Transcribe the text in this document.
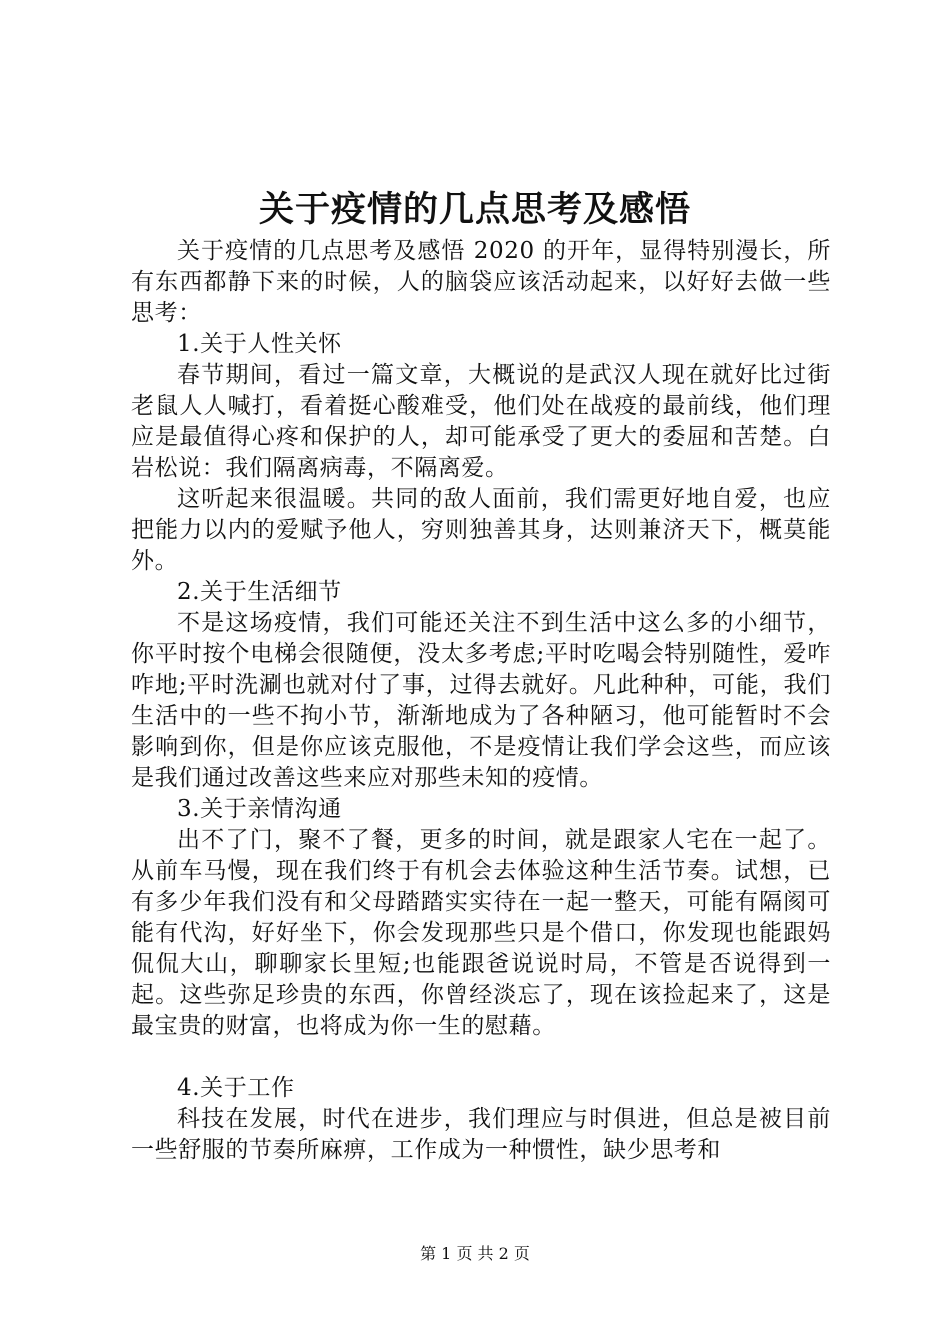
关于疫情的几点思考及感悟

关于疫情的几点思考及感悟 2020 的开年，显得特别漫长，所有东西都静下来的时候，人的脑袋应该活动起来，以好好去做一些思考：

1.关于人性关怀

春节期间，看过一篇文章，大概说的是武汉人现在就好比过街老鼠人人喊打，看着挺心酸难受，他们处在战疫的最前线，他们理应是最值得心疼和保护的人，却可能承受了更大的委屈和苦楚。白岩松说：我们隔离病毒，不隔离爱。

这听起来很温暖。共同的敌人面前，我们需更好地自爱，也应把能力以内的爱赋予他人，穷则独善其身，达则兼济天下，概莫能外。

2.关于生活细节

不是这场疫情，我们可能还关注不到生活中这么多的小细节，你平时按个电梯会很随便，没太多考虑;平时吃喝会特别随性，爱咋咋地;平时洗涮也就对付了事，过得去就好。凡此种种，可能，我们生活中的一些不拘小节，渐渐地成为了各种陋习，他可能暂时不会影响到你，但是你应该克服他，不是疫情让我们学会这些，而应该是我们通过改善这些来应对那些未知的疫情。

3.关于亲情沟通

出不了门，聚不了餐，更多的时间，就是跟家人宅在一起了。从前车马慢，现在我们终于有机会去体验这种生活节奏。试想，已有多少年我们没有和父母踏踏实实待在一起一整天，可能有隔阂可能有代沟，好好坐下，你会发现那些只是个借口，你发现也能跟妈侃侃大山，聊聊家长里短;也能跟爸说说时局，不管是否说得到一起。这些弥足珍贵的东西，你曾经淡忘了，现在该捡起来了，这是最宝贵的财富，也将成为你一生的慰藉。

4.关于工作

科技在发展，时代在进步，我们理应与时俱进，但总是被目前一些舒服的节奏所麻痹，工作成为一种惯性，缺少思考和

第 1 页 共 2 页
